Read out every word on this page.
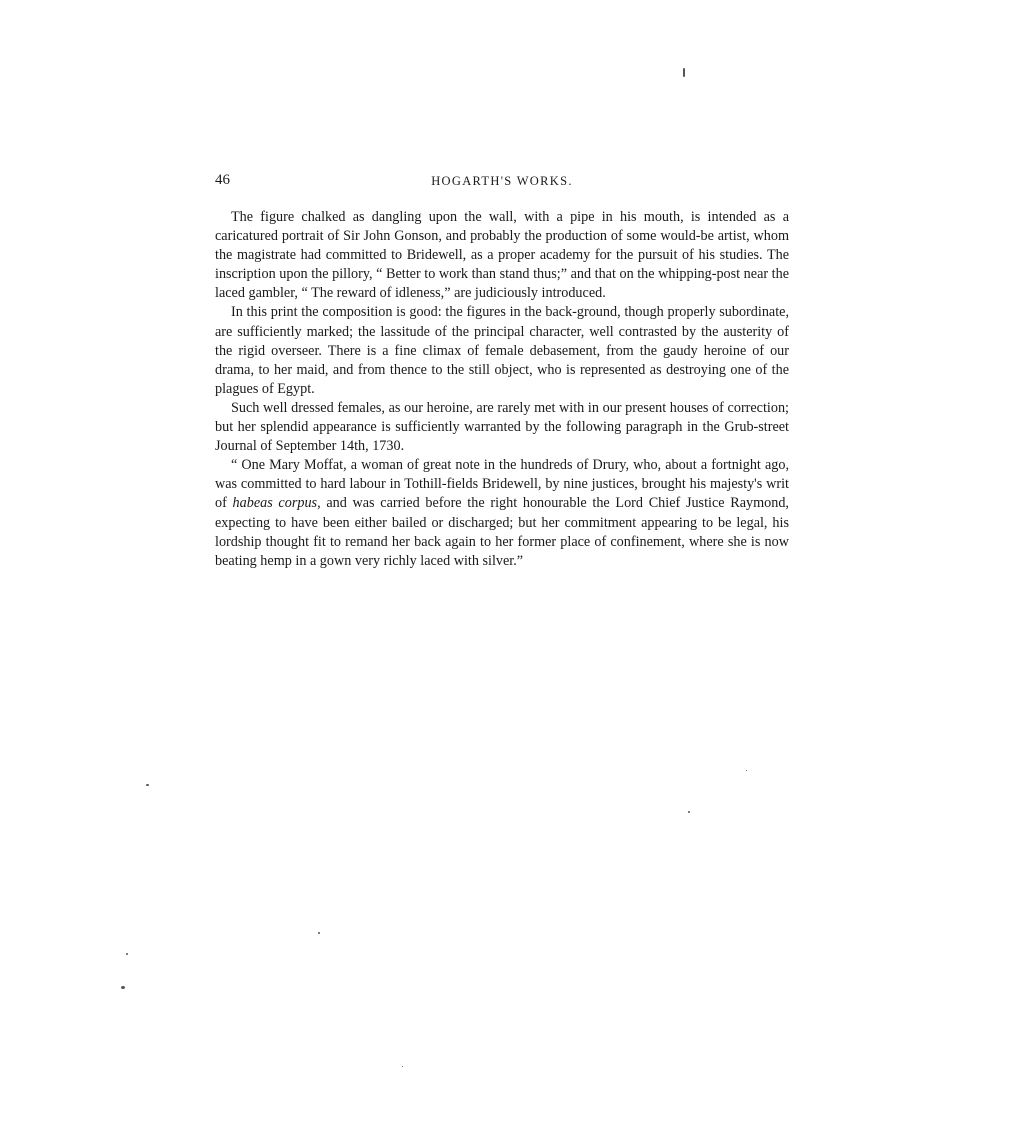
46	HOGARTH'S WORKS.

The figure chalked as dangling upon the wall, with a pipe in his mouth, is intended as a caricatured portrait of Sir John Gonson, and probably the production of some would-be artist, whom the magistrate had committed to Bridewell, as a proper academy for the pursuit of his studies. The inscription upon the pillory, “ Better to work than stand thus;” and that on the whipping-post near the laced gambler, “ The reward of idleness,” are judiciously introduced.

In this print the composition is good: the figures in the back-ground, though properly subordinate, are sufficiently marked; the lassitude of the principal character, well contrasted by the austerity of the rigid overseer. There is a fine climax of female debasement, from the gaudy heroine of our drama, to her maid, and from thence to the still object, who is represented as destroying one of the plagues of Egypt.

Such well dressed females, as our heroine, are rarely met with in our present houses of correction; but her splendid appearance is sufficiently warranted by the following paragraph in the Grub-street Journal of September 14th, 1730.

“ One Mary Moffat, a woman of great note in the hundreds of Drury, who, about a fortnight ago, was committed to hard labour in Tothill-fields Bridewell, by nine justices, brought his majesty's writ of habeas corpus, and was carried before the right honourable the Lord Chief Justice Raymond, expecting to have been either bailed or discharged; but her commitment appearing to be legal, his lordship thought fit to remand her back again to her former place of confinement, where she is now beating hemp in a gown very richly laced with silver.”
